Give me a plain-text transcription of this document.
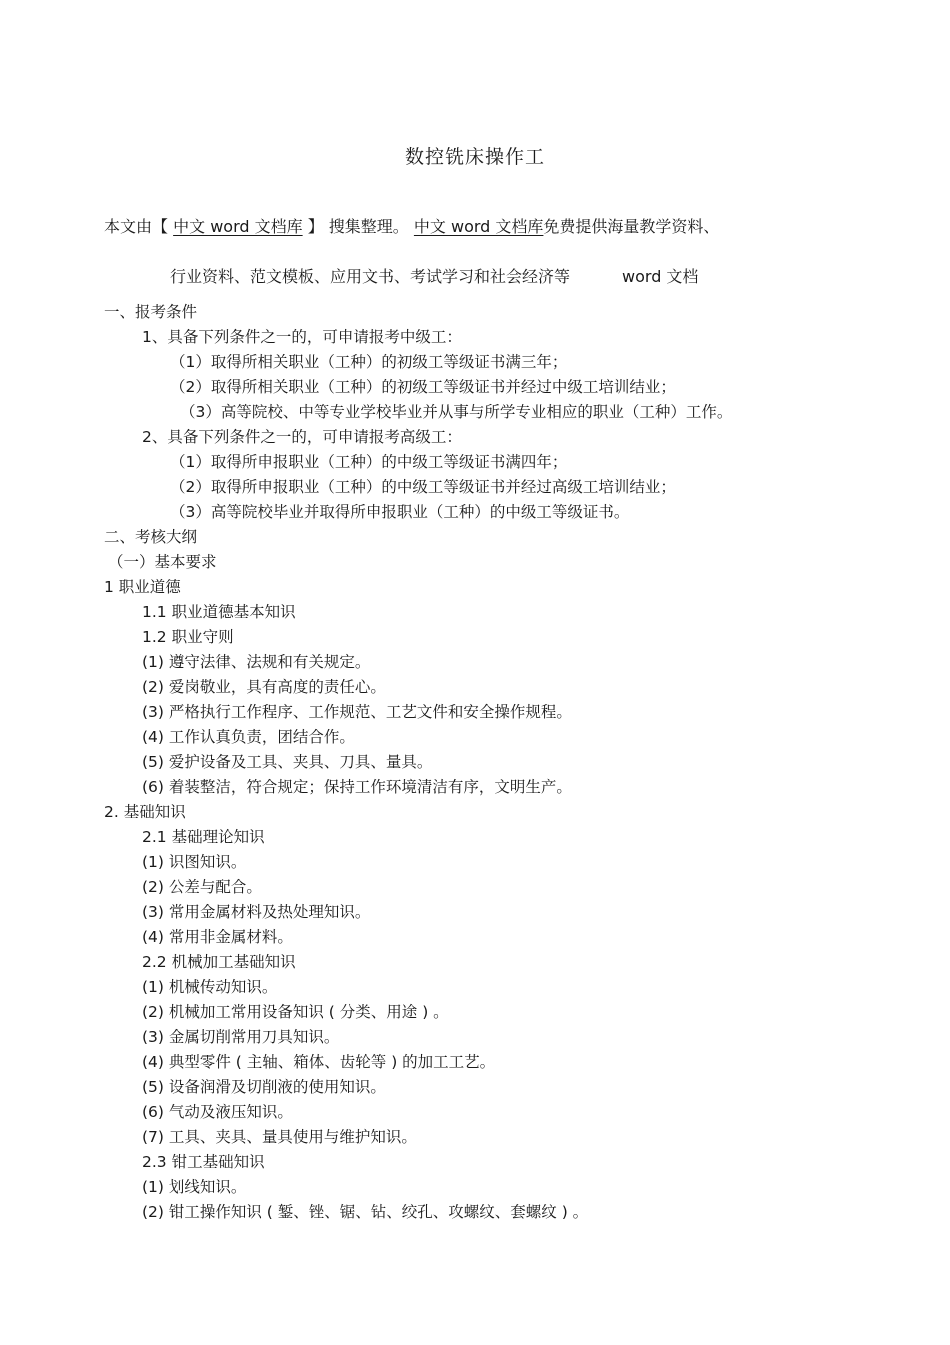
数控铣床操作工
本文由【 中文 word 文档库 】 搜集整理。 中文 word 文档库免费提供海量教学资料、
行业资料、范文模板、应用文书、考试学习和社会经济等	word 文档
一、报考条件
1、具备下列条件之一的，可申请报考中级工：
（1）取得所相关职业（工种）的初级工等级证书满三年；
（2）取得所相关职业（工种）的初级工等级证书并经过中级工培训结业；
（3）高等院校、中等专业学校毕业并从事与所学专业相应的职业（工种）工作。
2、具备下列条件之一的，可申请报考高级工：
（1）取得所申报职业（工种）的中级工等级证书满四年；
（2）取得所申报职业（工种）的中级工等级证书并经过高级工培训结业；
（3）高等院校毕业并取得所申报职业（工种）的中级工等级证书。
二、考核大纲
（一）基本要求
1 职业道德
1.1 职业道德基本知识
1.2 职业守则
(1) 遵守法律、法规和有关规定。
(2) 爱岗敬业，具有高度的责任心。
(3) 严格执行工作程序、工作规范、工艺文件和安全操作规程。
(4) 工作认真负责，团结合作。
(5) 爱护设备及工具、夹具、刀具、量具。
(6) 着装整洁，符合规定；保持工作环境清洁有序，文明生产。
2. 基础知识
2.1 基础理论知识
(1) 识图知识。
(2) 公差与配合。
(3) 常用金属材料及热处理知识。
(4) 常用非金属材料。
2.2 机械加工基础知识
(1) 机械传动知识。
(2) 机械加工常用设备知识 ( 分类、用途 ) 。
(3) 金属切削常用刀具知识。
(4) 典型零件 ( 主轴、箱体、齿轮等 ) 的加工工艺。
(5) 设备润滑及切削液的使用知识。
(6) 气动及液压知识。
(7) 工具、夹具、量具使用与维护知识。
2.3 钳工基础知识
(1) 划线知识。
(2) 钳工操作知识 ( 錾、锉、锯、钻、绞孔、攻螺纹、套螺纹 ) 。
